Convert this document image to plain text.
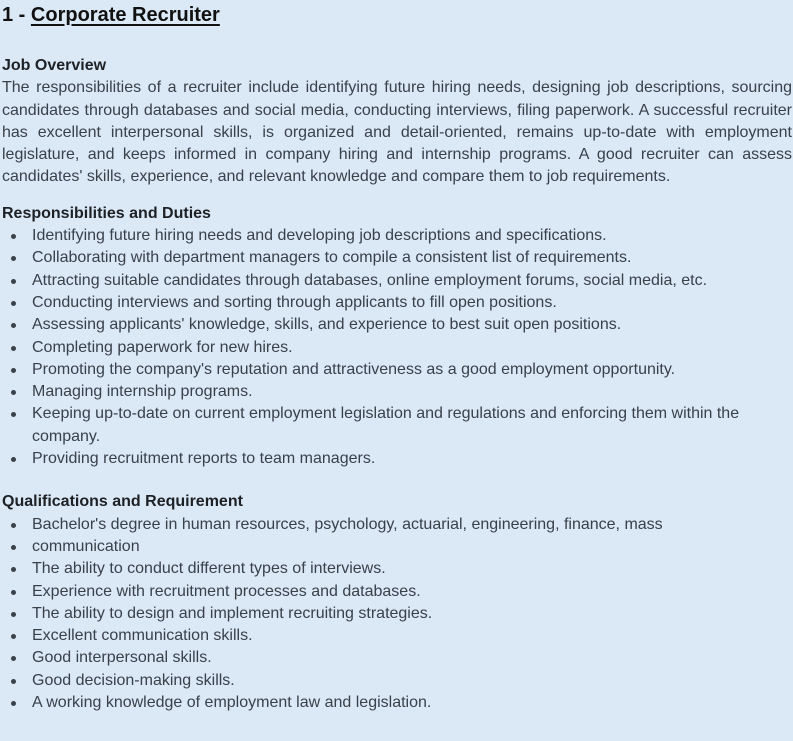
1 - Corporate Recruiter
Job Overview

The responsibilities of a recruiter include identifying future hiring needs, designing job descriptions, sourcing candidates through databases and social media, conducting interviews, filing paperwork. A successful recruiter has excellent interpersonal skills, is organized and detail-oriented, remains up-to-date with employment legislature, and keeps informed in company hiring and internship programs. A good recruiter can assess candidates' skills, experience, and relevant knowledge and compare them to job requirements.

Responsibilities and Duties
Identifying future hiring needs and developing job descriptions and specifications.
Collaborating with department managers to compile a consistent list of requirements.
Attracting suitable candidates through databases, online employment forums, social media, etc.
Conducting interviews and sorting through applicants to fill open positions.
Assessing applicants' knowledge, skills, and experience to best suit open positions.
Completing paperwork for new hires.
Promoting the company's reputation and attractiveness as a good employment opportunity.
Managing internship programs.
Keeping up-to-date on current employment legislation and regulations and enforcing them within the company.
Providing recruitment reports to team managers.
Qualifications and Requirement
Bachelor's degree in human resources, psychology, actuarial, engineering, finance, mass
communication
The ability to conduct different types of interviews.
Experience with recruitment processes and databases.
The ability to design and implement recruiting strategies.
Excellent communication skills.
Good interpersonal skills.
Good decision-making skills.
A working knowledge of employment law and legislation.
